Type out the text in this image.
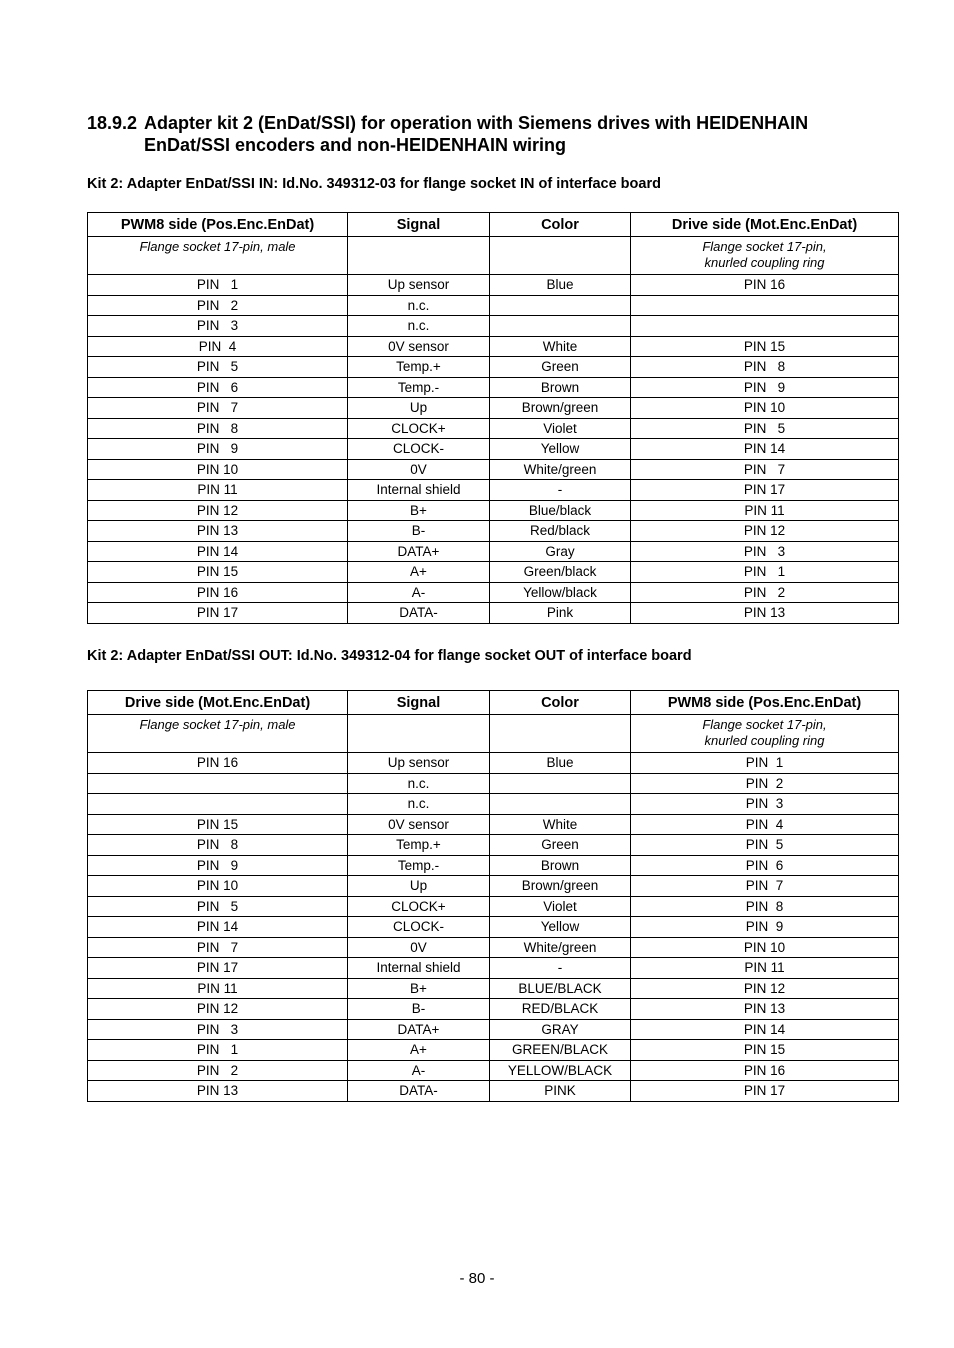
18.9.2 Adapter kit 2 (EnDat/SSI) for operation with Siemens drives with HEIDENHAIN
EnDat/SSI encoders and non-HEIDENHAIN wiring
Kit 2: Adapter EnDat/SSI IN: Id.No. 349312-03 for flange socket IN of interface board
PWM8 side (Pos.Enc.EnDat)	Signal	Color	Drive side (Mot.Enc.EnDat)
Flange socket 17-pin, male			Flange socket 17-pin,
knurled coupling ring
PIN   1	Up sensor	Blue	PIN 16
PIN   2	n.c.		
PIN   3	n.c.		
PIN  4	0V sensor	White	PIN 15
PIN   5	Temp.+	Green	PIN   8
PIN   6	Temp.-	Brown	PIN   9
PIN   7	Up	Brown/green	PIN 10
PIN   8	CLOCK+	Violet	PIN   5
PIN   9	CLOCK-	Yellow	PIN 14
PIN 10	0V	White/green	PIN   7
PIN 11	Internal shield	-	PIN 17
PIN 12	B+	Blue/black	PIN 11
PIN 13	B-	Red/black	PIN 12
PIN 14	DATA+	Gray	PIN   3
PIN 15	A+	Green/black	PIN   1
PIN 16	A-	Yellow/black	PIN   2
PIN 17	DATA-	Pink	PIN 13
Kit 2: Adapter EnDat/SSI OUT: Id.No. 349312-04 for flange socket OUT of interface board
Drive side (Mot.Enc.EnDat)	Signal	Color	PWM8 side (Pos.Enc.EnDat)
Flange socket 17-pin, male			Flange socket 17-pin,
knurled coupling ring
PIN 16	Up sensor	Blue	PIN  1
	n.c.		PIN  2
	n.c.		PIN  3
PIN 15	0V sensor	White	PIN  4
PIN   8	Temp.+	Green	PIN  5
PIN   9	Temp.-	Brown	PIN  6
PIN 10	Up	Brown/green	PIN  7
PIN   5	CLOCK+	Violet	PIN  8
PIN 14	CLOCK-	Yellow	PIN  9
PIN   7	0V	White/green	PIN 10
PIN 17	Internal shield	-	PIN 11
PIN 11	B+	BLUE/BLACK	PIN 12
PIN 12	B-	RED/BLACK	PIN 13
PIN   3	DATA+	GRAY	PIN 14
PIN   1	A+	GREEN/BLACK	PIN 15
PIN   2	A-	YELLOW/BLACK	PIN 16
PIN 13	DATA-	PINK	PIN 17
- 80 -
